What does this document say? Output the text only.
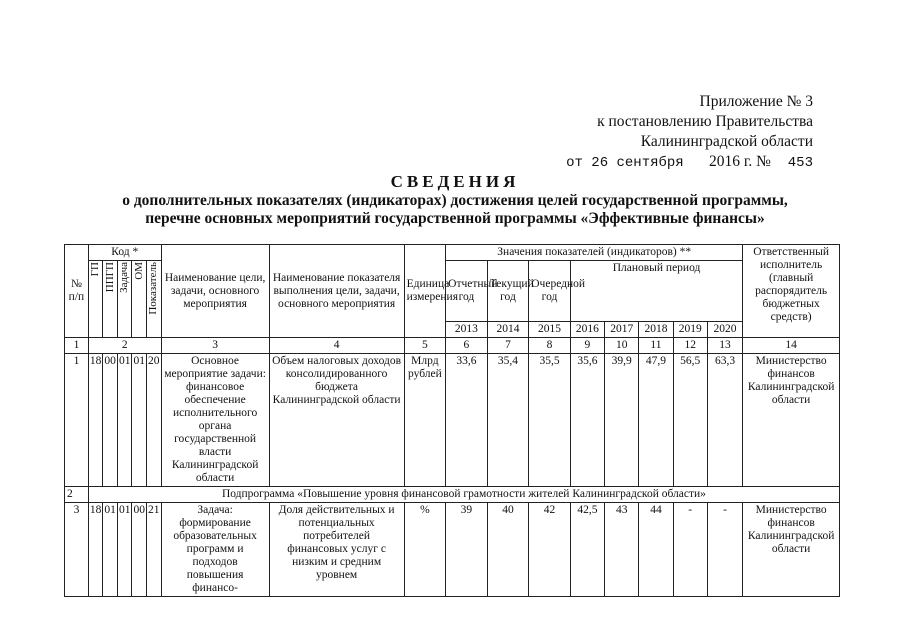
Приложение № 3
к постановлению Правительства
Калининградской области
от 26 сентября 2016 г. № 453
СВЕДЕНИЯ
о дополнительных показателях (индикаторах) достижения целей государственной программы,
перечне основных мероприятий государственной программы «Эффективные финансы»
№ п/п	Код *					Наименование цели, задачи, основного мероприятия	Наименование показателя выполнения цели, задачи, основного мероприятия	Единица измерения	Значения показателей (индикаторов) **								Ответственный исполнитель (главный распорядитель бюджетных средств)

	ГП	ППГП	Задача	ОМ	Показатель				Отчетный год	Текущий год	Очередной год	Плановый период					
									2013	2014	2015	2016	2017	2018	2019	2020	
1	2					3	4	5	6	7	8	9	10	11	12	13	14
1	18	00	01	01	20	Основное мероприятие задачи: финансовое обеспечение исполнительного органа государственной власти Калининградской области	Объем налоговых доходов консолидированного бюджета Калининградской области	Млрд рублей	33,6	35,4	35,5	35,6	39,9	47,9	56,5	63,3	Министерство финансов Калининградской области
2	Подпрограмма «Повышение уровня финансовой грамотности жителей Калининградской области»																
3	18	01	01	00	21	Задача: формирование образовательных программ и подходов повышения финансо-	Доля действительных и потенциальных потребителей финансовых услуг с низким и средним уровнем	%	39	40	42	42,5	43	44	-	-	Министерство финансов Калининградской области
